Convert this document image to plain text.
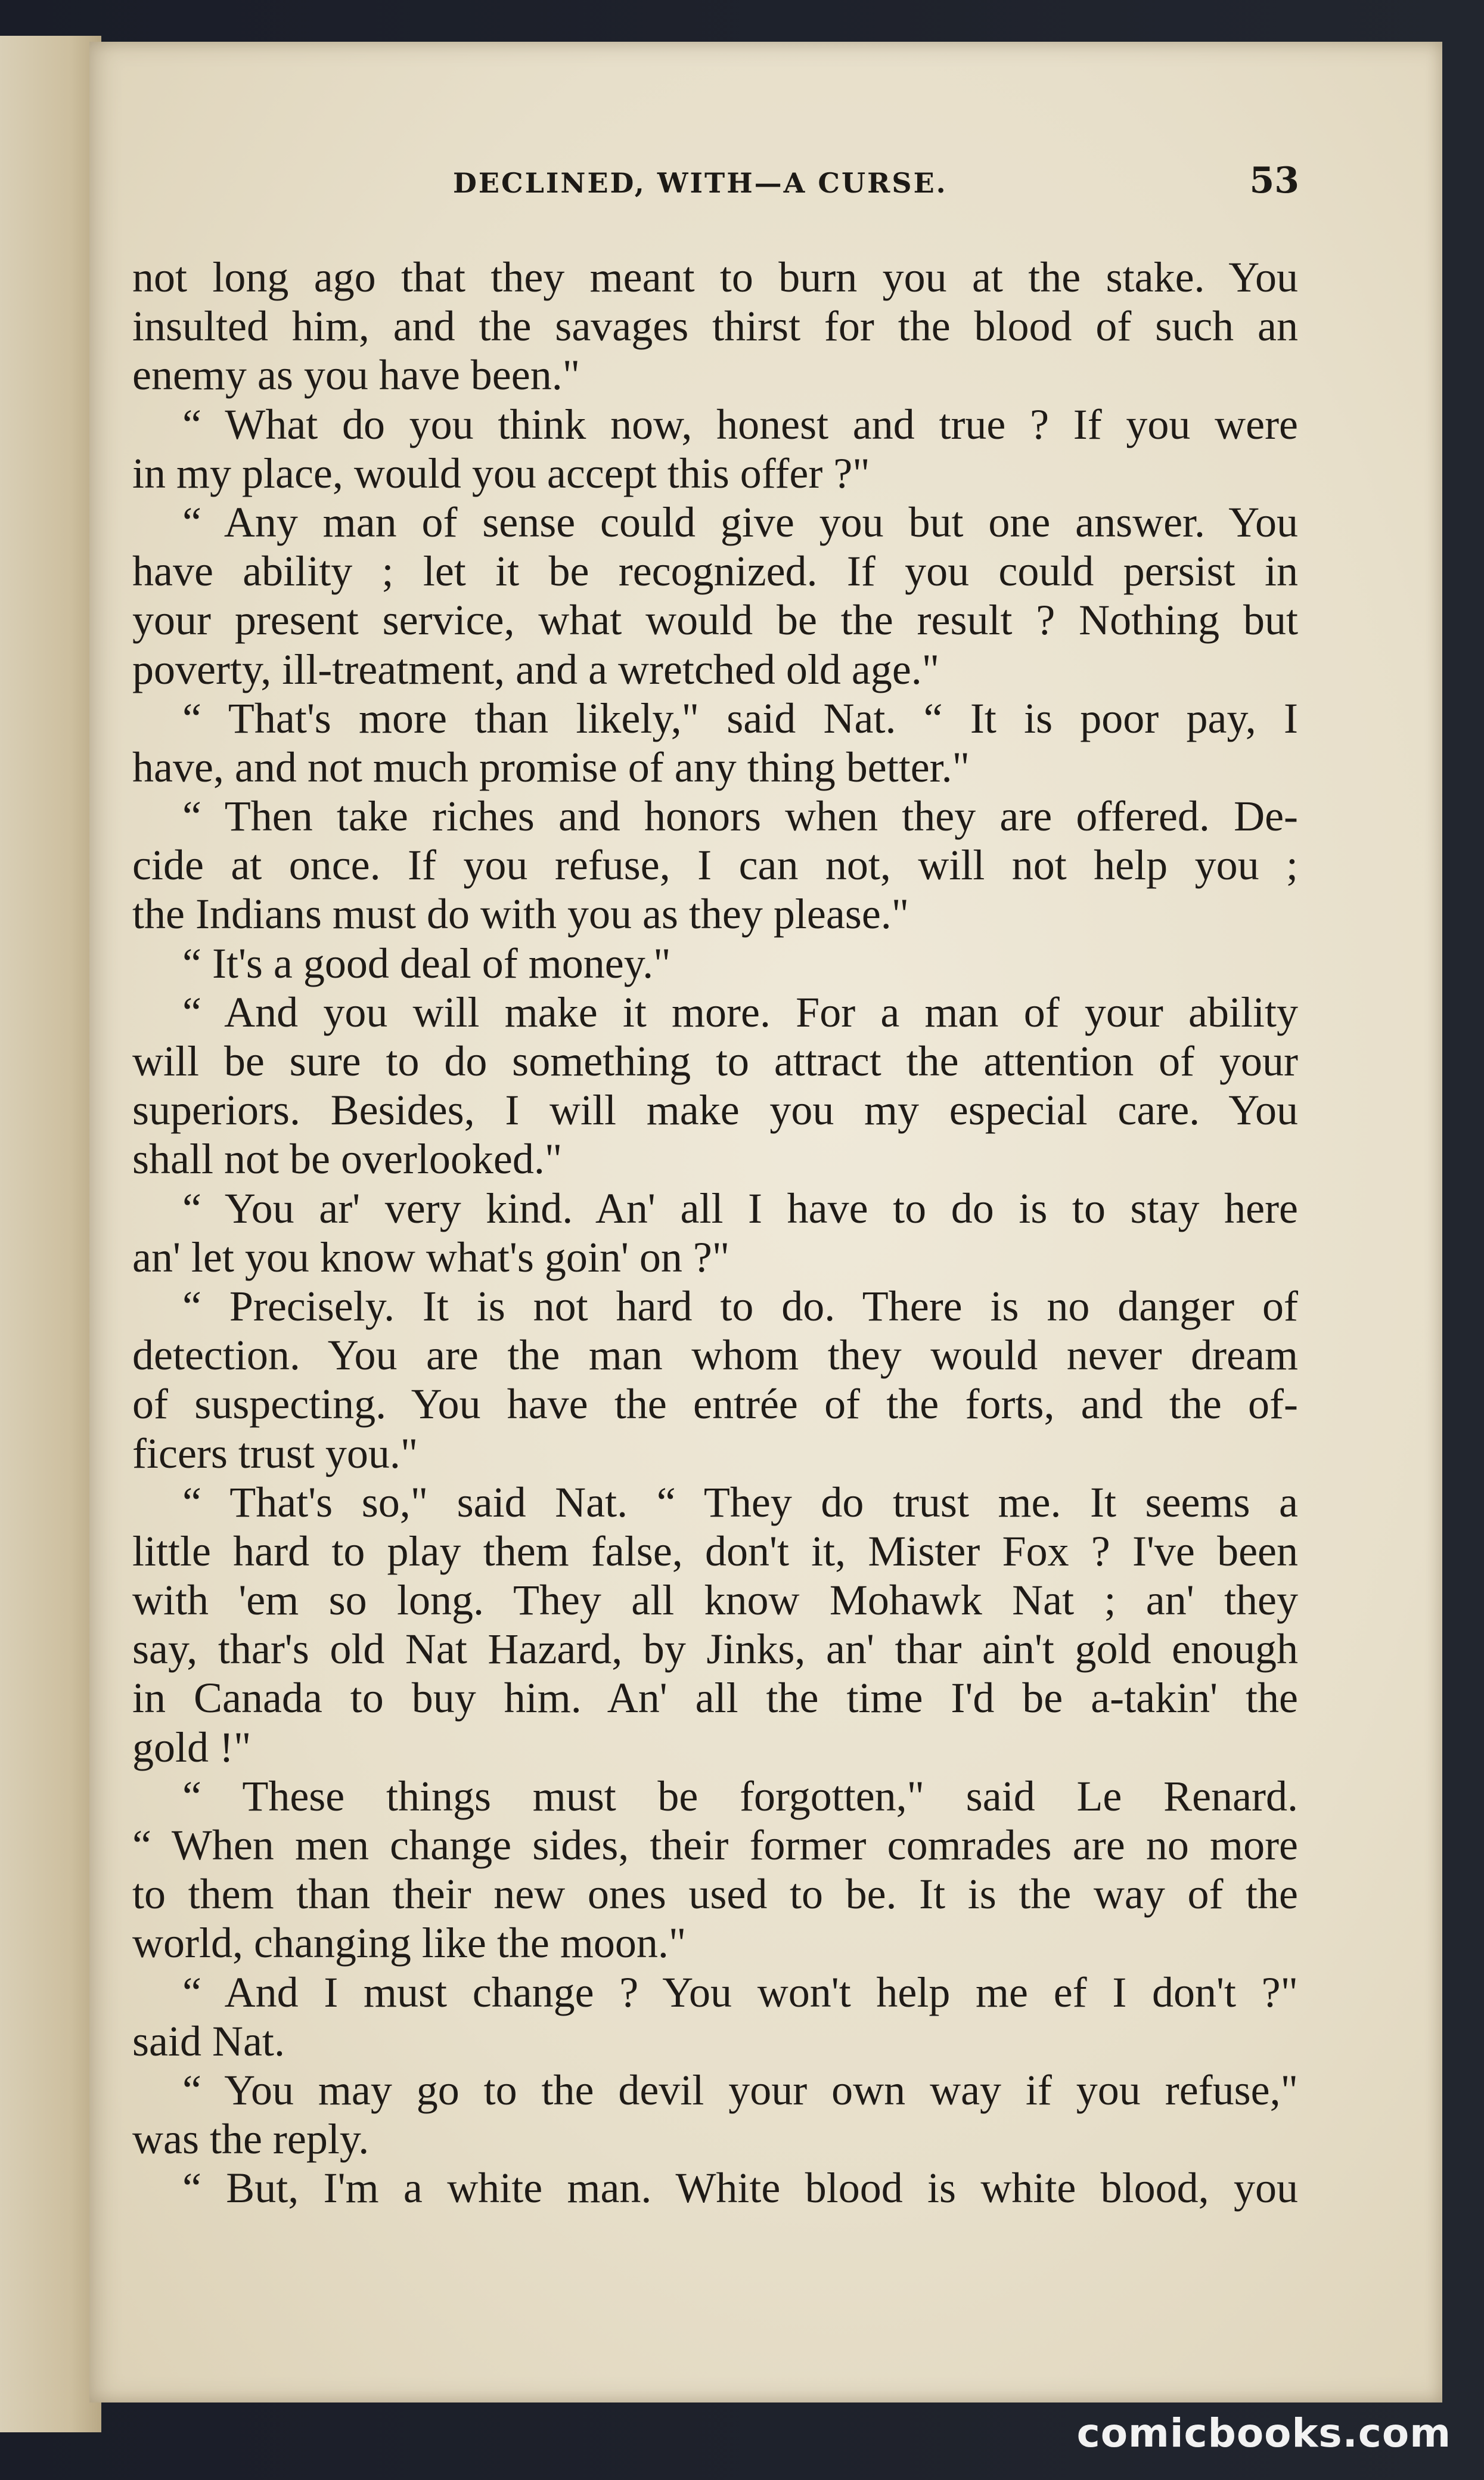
DECLINED, WITH—A CURSE.	53
not long ago that they meant to burn you at the stake. You
insulted him, and the savages thirst for the blood of such an
enemy as you have been."
“ What do you think now, honest and true ? If you were
in my place, would you accept this offer ?"
“ Any man of sense could give you but one answer. You
have ability ; let it be recognized. If you could persist in
your present service, what would be the result ? Nothing but
poverty, ill-treatment, and a wretched old age."
“ That's more than likely," said Nat. “ It is poor pay, I
have, and not much promise of any thing better."
“ Then take riches and honors when they are offered. De-
cide at once. If you refuse, I can not, will not help you ;
the Indians must do with you as they please."
“ It's a good deal of money."
“ And you will make it more. For a man of your ability
will be sure to do something to attract the attention of your
superiors. Besides, I will make you my especial care. You
shall not be overlooked."
“ You ar' very kind. An' all I have to do is to stay here
an' let you know what's goin' on ?"
“ Precisely. It is not hard to do. There is no danger of
detection. You are the man whom they would never dream
of suspecting. You have the entrée of the forts, and the of-
ficers trust you."
“ That's so," said Nat. “ They do trust me. It seems a
little hard to play them false, don't it, Mister Fox ? I've been
with 'em so long. They all know Mohawk Nat ; an' they
say, thar's old Nat Hazard, by Jinks, an' thar ain't gold enough
in Canada to buy him. An' all the time I'd be a-takin' the
gold !"
“ These things must be forgotten," said Le Renard.
“ When men change sides, their former comrades are no more
to them than their new ones used to be. It is the way of the
world, changing like the moon."
“ And I must change ? You won't help me ef I don't ?"
said Nat.
“ You may go to the devil your own way if you refuse,"
was the reply.
“ But, I'm a white man. White blood is white blood, you
comicbooks.com
